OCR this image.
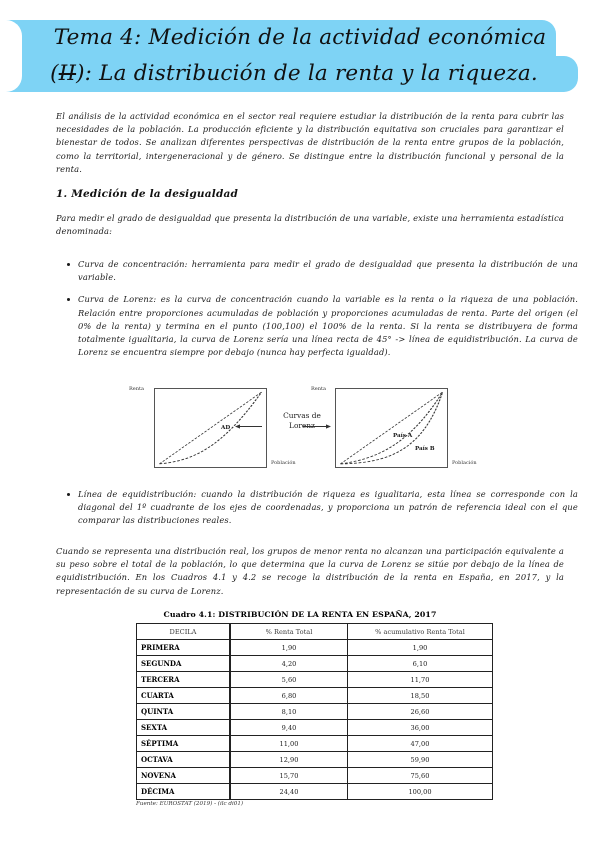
Tema 4: Medición de la actividad económica
(II): La distribución de la renta y la riqueza.
El análisis de la actividad económica en el sector real requiere estudiar la distribución de la renta para cubrir las necesidades de la población. La producción eficiente y la distribución equitativa son cruciales para garantizar el bienestar de todos. Se analizan diferentes perspectivas de distribución de la renta entre grupos de la población, como la territorial, intergeneracional y de género. Se distingue entre la distribución funcional y personal de la renta.
1. Medición de la desigualdad
Para medir el grado de desigualdad que presenta la distribución de una variable, existe una herramienta estadística denominada:
Curva de concentración: herramienta para medir el grado de desigualdad que presenta la distribución de una variable.
Curva de Lorenz: es la curva de concentración cuando la variable es la renta o la riqueza de una población. Relación entre proporciones acumuladas de población y proporciones acumuladas de renta. Parte del origen (el 0% de la renta) y termina en el punto (100,100) el 100% de la renta. Si la renta se distribuyera de forma totalmente igualitaria, la curva de Lorenz sería una línea recta de 45° -> línea de equidistribución. La curva de Lorenz se encuentra siempre por debajo (nunca hay perfecta igualdad).
Renta
Población
AD
Curvas de
Lorenz
Renta
Población
País A
País B
Línea de equidistribución: cuando la distribución de riqueza es igualitaria, esta línea se corresponde con la diagonal del 1º cuadrante de los ejes de coordenadas, y proporciona un patrón de referencia ideal con el que comparar las distribuciones reales.
Cuando se representa una distribución real, los grupos de menor renta no alcanzan una participación equivalente a su peso sobre el total de la población, lo que determina que la curva de Lorenz se sitúe por debajo de la línea de equidistribución. En los Cuadros 4.1 y 4.2 se recoge la distribución de la renta en España, en 2017, y la representación de su curva de Lorenz.
Cuadro 4.1: DISTRIBUCIÓN DE LA RENTA EN ESPAÑA, 2017
DECILA	% Renta Total	% acumulativo Renta Total
PRIMERA	1,90	1,90
SEGUNDA	4,20	6,10
TERCERA	5,60	11,70
CUARTA	6,80	18,50
QUINTA	8,10	26,60
SEXTA	9,40	36,00
SÉPTIMA	11,00	47,00
OCTAVA	12,90	59,90
NOVENA	15,70	75,60
DÉCIMA	24,40	100,00
Fuente: EUROSTAT (2019) - (ilc di01)
